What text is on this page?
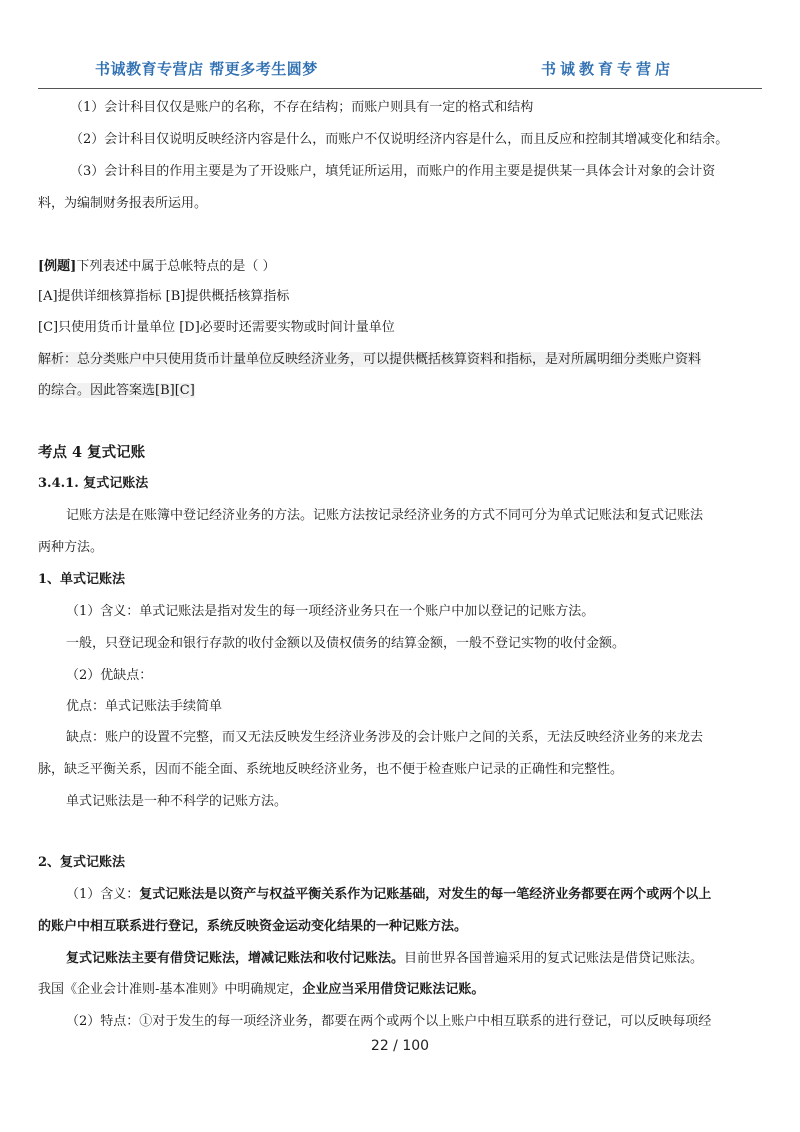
书诚教育专营店 帮更多考生圆梦	书诚教育专营店
（1）会计科目仅仅是账户的名称，不存在结构；而账户则具有一定的格式和结构
（2）会计科目仅说明反映经济内容是什么，而账户不仅说明经济内容是什么，而且反应和控制其增减变化和结余。
（3）会计科目的作用主要是为了开设账户，填凭证所运用，而账户的作用主要是提供某一具体会计对象的会计资
料，为编制财务报表所运用。
[例题]下列表述中属于总帐特点的是（ ）
[A]提供详细核算指标 [B]提供概括核算指标
[C]只使用货币计量单位 [D]必要时还需要实物或时间计量单位
解析：总分类账户中只使用货币计量单位反映经济业务，可以提供概括核算资料和指标，是对所属明细分类账户资料
的综合。因此答案选[B][C]
考点 4 复式记账
3.4.1. 复式记账法
记账方法是在账簿中登记经济业务的方法。记账方法按记录经济业务的方式不同可分为单式记账法和复式记账法
两种方法。
1、单式记账法
（1）含义：单式记账法是指对发生的每一项经济业务只在一个账户中加以登记的记账方法。
一般，只登记现金和银行存款的收付金额以及债权债务的结算金额，一般不登记实物的收付金额。
（2）优缺点：
优点：单式记账法手续简单
缺点：账户的设置不完整，而又无法反映发生经济业务涉及的会计账户之间的关系，无法反映经济业务的来龙去
脉，缺乏平衡关系，因而不能全面、系统地反映经济业务，也不便于检查账户记录的正确性和完整性。
单式记账法是一种不科学的记账方法。
2、复式记账法
（1）含义：复式记账法是以资产与权益平衡关系作为记账基础，对发生的每一笔经济业务都要在两个或两个以上
的账户中相互联系进行登记，系统反映资金运动变化结果的一种记账方法。
复式记账法主要有借贷记账法，增减记账法和收付记账法。目前世界各国普遍采用的复式记账法是借贷记账法。
我国《企业会计准则-基本准则》中明确规定，企业应当采用借贷记账法记账。
（2）特点：①对于发生的每一项经济业务，都要在两个或两个以上账户中相互联系的进行登记，可以反映每项经
22 / 100
